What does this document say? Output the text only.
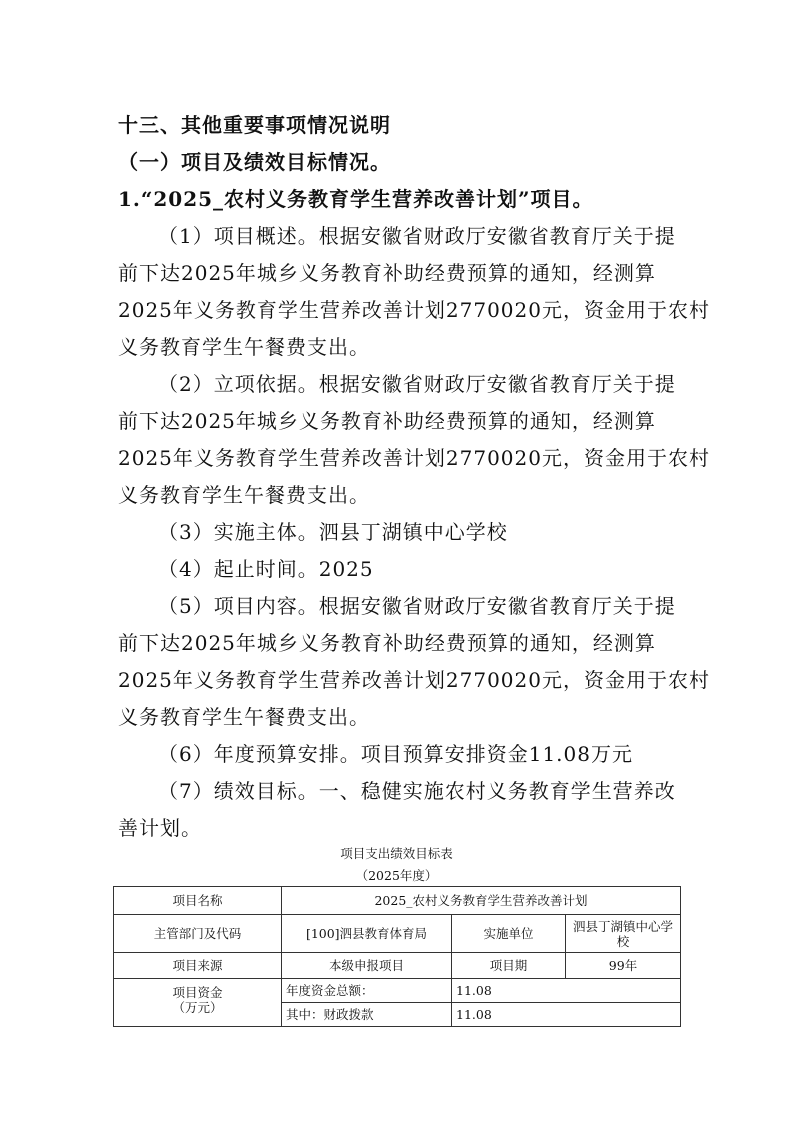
十三、其他重要事项情况说明
（一）项目及绩效目标情况。
1.“2025_农村义务教育学生营养改善计划”项目。
（1）项目概述。根据安徽省财政厅安徽省教育厅关于提
前下达2025年城乡义务教育补助经费预算的通知，经测算
2025年义务教育学生营养改善计划2770020元，资金用于农村
义务教育学生午餐费支出。
（2）立项依据。根据安徽省财政厅安徽省教育厅关于提
前下达2025年城乡义务教育补助经费预算的通知，经测算
2025年义务教育学生营养改善计划2770020元，资金用于农村
义务教育学生午餐费支出。
（3）实施主体。泗县丁湖镇中心学校
（4）起止时间。2025
（5）项目内容。根据安徽省财政厅安徽省教育厅关于提
前下达2025年城乡义务教育补助经费预算的通知，经测算
2025年义务教育学生营养改善计划2770020元，资金用于农村
义务教育学生午餐费支出。
（6）年度预算安排。项目预算安排资金11.08万元
（7）绩效目标。一、稳健实施农村义务教育学生营养改
善计划。
项目支出绩效目标表
（2025年度）
项目名称	2025_农村义务教育学生营养改善计划		
主管部门及代码	[100]泗县教育体育局	实施单位	泗县丁湖镇中心学校
项目来源	本级申报项目	项目期	99年
项目资金
（万元）	年度资金总额：	11.08	
	其中：财政拨款	11.08	
